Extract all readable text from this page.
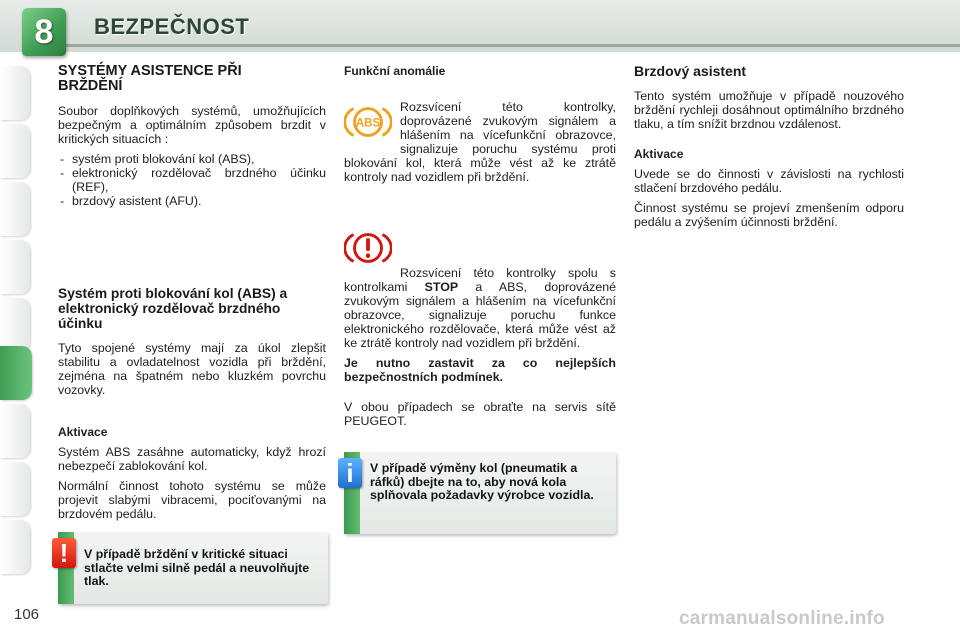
8 BEZPEČNOST
SYSTÉMY ASISTENCE PŘI BRŽDĚNÍ

Soubor doplňkových systémů, umožňujících bezpečným a optimálním způsobem brzdit v kritických situacích :

- systém proti blokování kol (ABS),
- elektronický rozdělovač brzdného účinku (REF),
- brzdový asistent (AFU).
Systém proti blokování kol (ABS) a elektronický rozdělovač brzdného účinku

Tyto spojené systémy mají za úkol zlepšit stabilitu a ovladatelnost vozidla při brždění, zejména na špatném nebo kluzkém povrchu vozovky.

Aktivace

Systém ABS zasáhne automaticky, když hrozí nebezpečí zablokování kol.

Normální činnost tohoto systému se může projevit slabými vibracemi, pociťovanými na brzdovém pedálu.

Funkční anomálie
ABS

Rozsvícení této kontrolky, doprovázené zvukovým signálem a hlášením na vícefunkční obrazovce, signalizuje poruchu systému proti blokování kol, která může vést až ke ztrátě kontroly nad vozidlem při brždění.

Rozsvícení této kontrolky spolu s kontrolkami STOP a ABS, doprovázené zvukovým signálem a hlášením na vícefunkční obrazovce, signalizuje poruchu funkce elektronického rozdělovače, která může vést až ke ztrátě kontroly nad vozidlem při brždění.

Je nutno zastavit za co nejlepších bezpečnostních podmínek.

V obou případech se obraťte na servis sítě PEUGEOT.

Brzdový asistent

Tento systém umožňuje v případě nouzového brždění rychleji dosáhnout optimálního brzdného tlaku, a tím snížit brzdnou vzdálenost.

Aktivace

Uvede se do činnosti v závislosti na rychlosti stlačení brzdového pedálu.

Činnost systému se projeví zmenšením odporu pedálu a zvýšením účinnosti brždění.

V případě výměny kol (pneumatik a ráfků) dbejte na to, aby nová kola splňovala požadavky výrobce vozidla.
i
V případě brždění v kritické situaci stlačte velmi silně pedál a neuvolňujte tlak.
!
106	carmanualsonline.info
